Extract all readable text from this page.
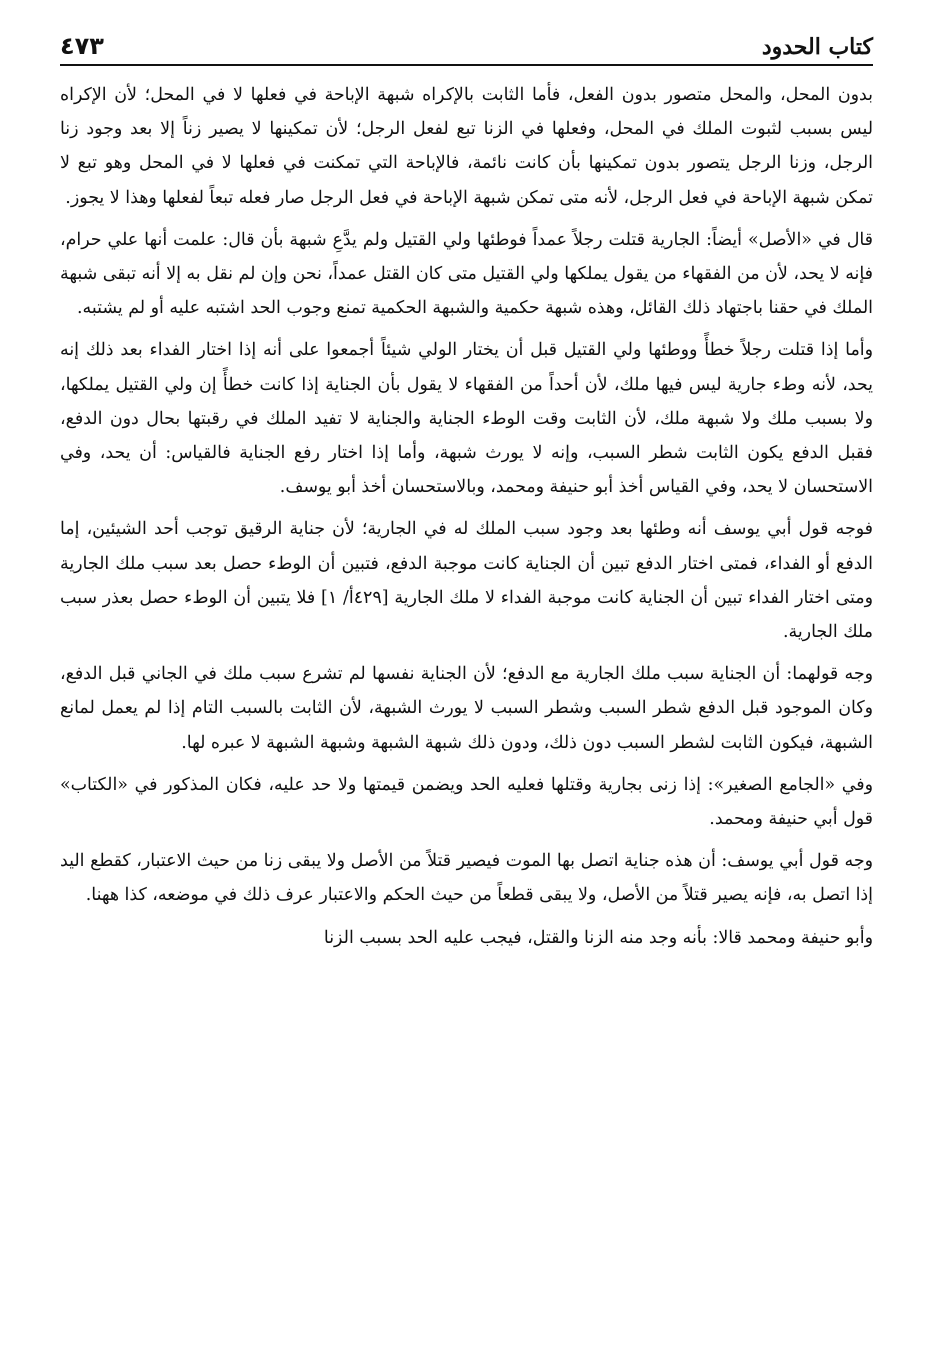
كتاب الحدود
٤٧٣

بدون المحل، والمحل متصور بدون الفعل، فأما الثابت بالإكراه شبهة الإباحة في فعلها لا في المحل؛ لأن الإكراه ليس بسبب لثبوت الملك في المحل، وفعلها في الزنا تبع لفعل الرجل؛ لأن تمكينها لا يصير زناً إلا بعد وجود زنا الرجل، وزنا الرجل يتصور بدون تمكينها بأن كانت نائمة، فالإباحة التي تمكنت في فعلها لا في المحل وهو تبع لا تمكن شبهة الإباحة في فعل الرجل، لأنه متى تمكن شبهة الإباحة في فعل الرجل صار فعله تبعاً لفعلها وهذا لا يجوز.

قال في «الأصل» أيضاً: الجارية قتلت رجلاً عمداً فوطئها ولي القتيل ولم يدَّعِ شبهة بأن قال: علمت أنها علي حرام، فإنه لا يحد، لأن من الفقهاء من يقول يملكها ولي القتيل متى كان القتل عمداً، نحن وإن لم نقل به إلا أنه تبقى شبهة الملك في حقنا باجتهاد ذلك القائل، وهذه شبهة حكمية والشبهة الحكمية تمنع وجوب الحد اشتبه عليه أو لم يشتبه.

وأما إذا قتلت رجلاً خطأً ووطئها ولي القتيل قبل أن يختار الولي شيئاً أجمعوا على أنه إذا اختار الفداء بعد ذلك إنه يحد، لأنه وطء جارية ليس فيها ملك، لأن أحداً من الفقهاء لا يقول بأن الجناية إذا كانت خطأً إن ولي القتيل يملكها، ولا بسبب ملك ولا شبهة ملك، لأن الثابت وقت الوطء الجناية والجناية لا تفيد الملك في رقبتها بحال دون الدفع، فقبل الدفع يكون الثابت شطر السبب، وإنه لا يورث شبهة، وأما إذا اختار رفع الجناية فالقياس: أن يحد، وفي الاستحسان لا يحد، وفي القياس أخذ أبو حنيفة ومحمد، وبالاستحسان أخذ أبو يوسف.

فوجه قول أبي يوسف أنه وطئها بعد وجود سبب الملك له في الجارية؛ لأن جناية الرقيق توجب أحد الشيئين، إما الدفع أو الفداء، فمتى اختار الدفع تبين أن الجناية كانت موجبة الدفع، فتبين أن الوطء حصل بعد سبب ملك الجارية ومتى اختار الفداء تبين أن الجناية كانت موجبة الفداء لا ملك الجارية [٤٢٩أ/ ١] فلا يتبين أن الوطء حصل بعذر سبب ملك الجارية.

وجه قولهما: أن الجناية سبب ملك الجارية مع الدفع؛ لأن الجناية نفسها لم تشرع سبب ملك في الجاني قبل الدفع، وكان الموجود قبل الدفع شطر السبب وشطر السبب لا يورث الشبهة، لأن الثابت بالسبب التام إذا لم يعمل لمانع الشبهة، فيكون الثابت لشطر السبب دون ذلك، ودون ذلك شبهة الشبهة وشبهة الشبهة لا عبره لها.

وفي «الجامع الصغير»: إذا زنى بجارية وقتلها فعليه الحد ويضمن قيمتها ولا حد عليه، فكان المذكور في «الكتاب» قول أبي حنيفة ومحمد.

وجه قول أبي يوسف: أن هذه جناية اتصل بها الموت فيصير قتلاً من الأصل ولا يبقى زنا من حيث الاعتبار، كقطع اليد إذا اتصل به، فإنه يصير قتلاً من الأصل، ولا يبقى قطعاً من حيث الحكم والاعتبار عرف ذلك في موضعه، كذا ههنا.

وأبو حنيفة ومحمد قالا: بأنه وجد منه الزنا والقتل، فيجب عليه الحد بسبب الزنا
